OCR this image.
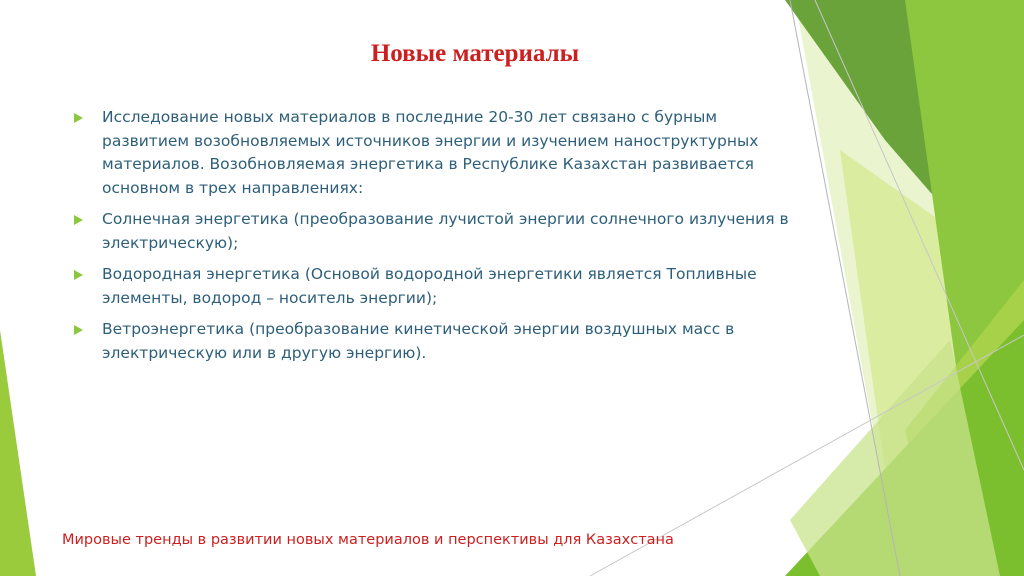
Новые материалы
Исследование новых материалов в последние 20-30 лет связано с бурным развитием возобновляемых источников энергии и изучением наноструктурных материалов. Возобновляемая энергетика в Республике Казахстан развивается основном в трех направлениях:
Солнечная энергетика (преобразование лучистой энергии солнечного излучения в электрическую);
Водородная энергетика (Основой водородной энергетики является Топливные элементы, водород – носитель энергии);
Ветроэнергетика (преобразование кинетической энергии воздушных масс в электрическую или в другую энергию).
Мировые тренды в развитии новых материалов и перспективы для Казахстана
